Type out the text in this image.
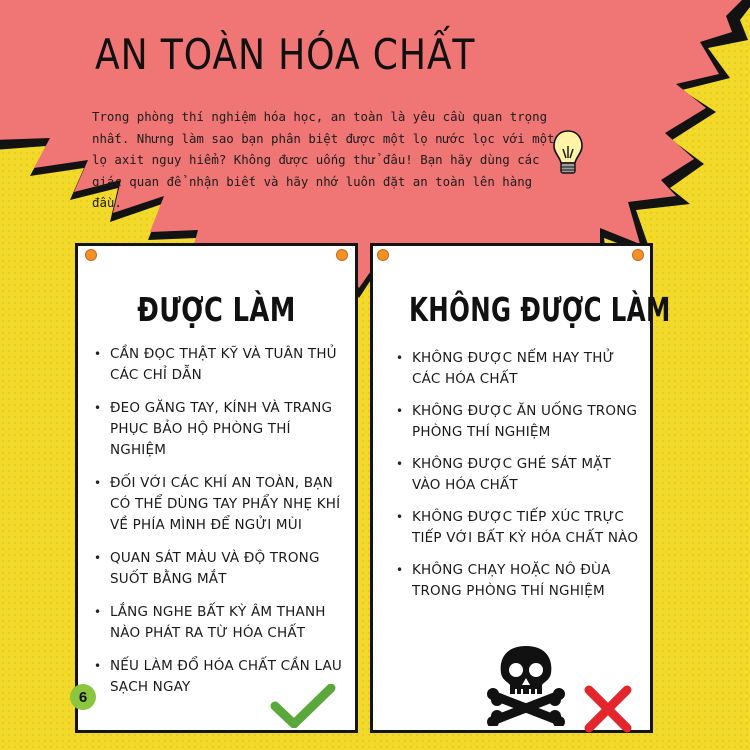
AN TOÀN HÓA CHẤT

Trong phòng thí nghiệm hóa học, an toàn là yêu cầu quan trọng nhất. Nhưng làm sao bạn phân biệt được một lọ nước lọc với một lọ axit nguy hiểm? Không được uống thử đâu! Bạn hãy dùng các giác quan để nhận biết và hãy nhớ luôn đặt an toàn lên hàng đầu.

ĐƯỢC LÀM
• CẦN ĐỌC THẬT KỸ VÀ TUÂN THỦ CÁC CHỈ DẪN
• ĐEO GĂNG TAY, KÍNH VÀ TRANG PHỤC BẢO HỘ PHÒNG THÍ NGHIỆM
• ĐỐI VỚI CÁC KHÍ AN TOÀN, BẠN CÓ THỂ DÙNG TAY PHẨY NHẸ KHÍ VỀ PHÍA MÌNH ĐỂ NGỬI MÙI
• QUAN SÁT MÀU VÀ ĐỘ TRONG SUỐT BẰNG MẮT
• LẮNG NGHE BẤT KỲ ÂM THANH NÀO PHÁT RA TỪ HÓA CHẤT
• NẾU LÀM ĐỔ HÓA CHẤT CẦN LAU SẠCH NGAY
KHÔNG ĐƯỢC LÀM
• KHÔNG ĐƯỢC NẾM HAY THỬ CÁC HÓA CHẤT
• KHÔNG ĐƯỢC ĂN UỐNG TRONG PHÒNG THÍ NGHIỆM
• KHÔNG ĐƯỢC GHÉ SÁT MẶT VÀO HÓA CHẤT
• KHÔNG ĐƯỢC TIẾP XÚC TRỰC TIẾP VỚI BẤT KỲ HÓA CHẤT NÀO
• KHÔNG CHẠY HOẶC NÔ ĐÙA TRONG PHÒNG THÍ NGHIỆM
6
